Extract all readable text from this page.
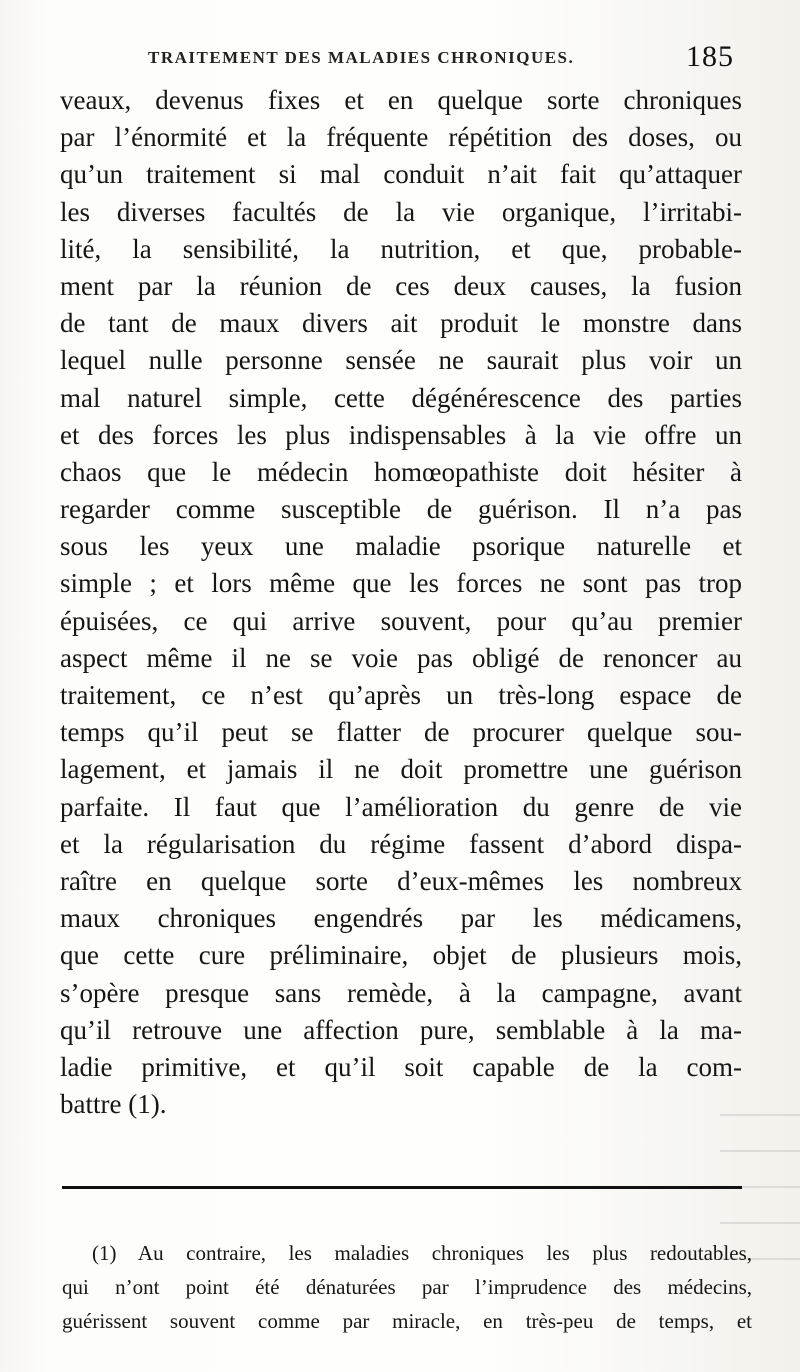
TRAITEMENT DES MALADIES CHRONIQUES.	185
veaux, devenus fixes et en quelque sorte chroniques
par l’énormité et la fréquente répétition des doses, ou
qu’un traitement si mal conduit n’ait fait qu’attaquer
les diverses facultés de la vie organique, l’irritabi-
lité, la sensibilité, la nutrition, et que, probable-
ment par la réunion de ces deux causes, la fusion
de tant de maux divers ait produit le monstre dans
lequel nulle personne sensée ne saurait plus voir un
mal naturel simple, cette dégénérescence des parties
et des forces les plus indispensables à la vie offre un
chaos que le médecin homœopathiste doit hésiter à
regarder comme susceptible de guérison. Il n’a pas
sous les yeux une maladie psorique naturelle et
simple ; et lors même que les forces ne sont pas trop
épuisées, ce qui arrive souvent, pour qu’au premier
aspect même il ne se voie pas obligé de renoncer au
traitement, ce n’est qu’après un très-long espace de
temps qu’il peut se flatter de procurer quelque sou-
lagement, et jamais il ne doit promettre une guérison
parfaite. Il faut que l’amélioration du genre de vie
et la régularisation du régime fassent d’abord dispa-
raître en quelque sorte d’eux-mêmes les nombreux
maux chroniques engendrés par les médicamens,
que cette cure préliminaire, objet de plusieurs mois,
s’opère presque sans remède, à la campagne, avant
qu’il retrouve une affection pure, semblable à la ma-
ladie primitive, et qu’il soit capable de la com-
battre (1).
(1) Au contraire, les maladies chroniques les plus redoutables,
qui n’ont point été dénaturées par l’imprudence des médecins,
guérissent souvent comme par miracle, en très-peu de temps, et
